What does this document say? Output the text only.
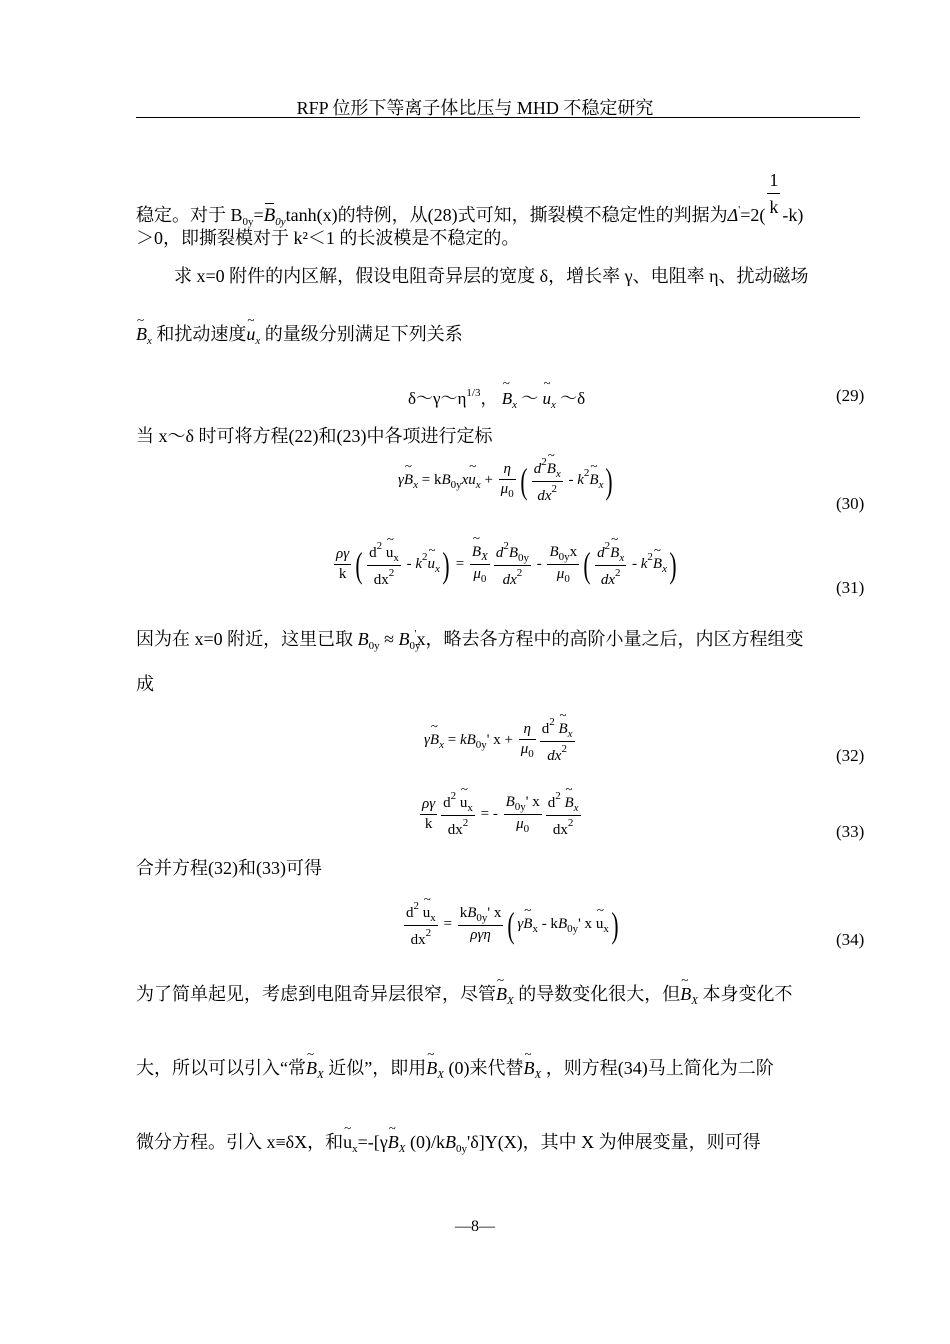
RFP 位形下等离子体比压与 MHD 不稳定研究
稳定。对于 $B_{0y}=B_{0y}\tanh(x)$的特例，从(28)式可知，撕裂模不稳定性的判据为$\Delta'=2( \frac{1}{k} -k)$
＞0，即撕裂模对于 k²＜1 的长波模是不稳定的。
求 x=0 附件的内区解，假设电阻奇异层的宽度 δ，增长率 γ、电阻率 η、扰动磁场
~ $B_x$ 和扰动速度~ $u_x$ 的量级分别满足下列关系
$\delta\sim\gamma\sim\eta^{1/3}$， ~ $B_x$ ～ ~ $u_x$ ～δ	(29)
当 x～δ 时可将方程(22)和(23)中各项进行定标
γ~ $B_x$ = $kB_{0y}x\sim$ $u_x + \frac{\eta}{\mu_0}$ ( $\frac{d^2\sim B_x}{dx^2}$ - $k^2\sim$ $B_x$)
(30)
$\frac{\rho\gamma}{k}$ ( $\frac{d^2 \sim u_x}{dx^2}$ - $k^2\sim$ $u_x$) = ~ $\frac{B_X}{\mu_0} \frac{d^2B_{0y}}{dx^2} - \frac{B_{0y}x}{\mu_0}$ ( $\frac{d^2\sim B_x}{dx^2}$ - $k^2\sim$ $B_x$)
(31)
因为在 x=0 附近，这里已取 $B_{0y} \approx B_{0y}'x$，略去各方程中的高阶小量之后，内区方程组变
成
γ~ $B_x = kB_{0y}'$ $x + \frac{\eta}{\mu_0} \frac{d^2 \sim B_x}{dx^2}$	(32)
$\frac{\rho\gamma}{k} \frac{d^2 \sim u_x}{dx^2}$ = - $\frac{B_{0y}' x}{\mu_0} \frac{d^2 \sim B_x}{dx^2}$	(33)
合并方程(32)和(33)可得
$\frac{d^2 \sim u_x}{dx^2} = \frac{kB_{0y}' x}{\text{ργη}}$ ( γ~ $B_x - kB_{0y}'$ x ~ $u_x$)	(34)
为了简单起见，考虑到电阻奇异层很窄，尽管~ $B_X$ 的导数变化很大，但~ $B_X$ 本身变化不
大，所以可以引入“常~ $B_X$ 近似”，即用~ $B_X$ (0)来代替~ $B_X$ ，则方程(34)马上简化为二阶
微分方程。引入 x≡δX，和~ $u_x=-[\gamma\sim$ $B_X$ $(0)/kB_{0y}'\delta]Y(X)$，其中 X 为伸展变量，则可得
—8—
